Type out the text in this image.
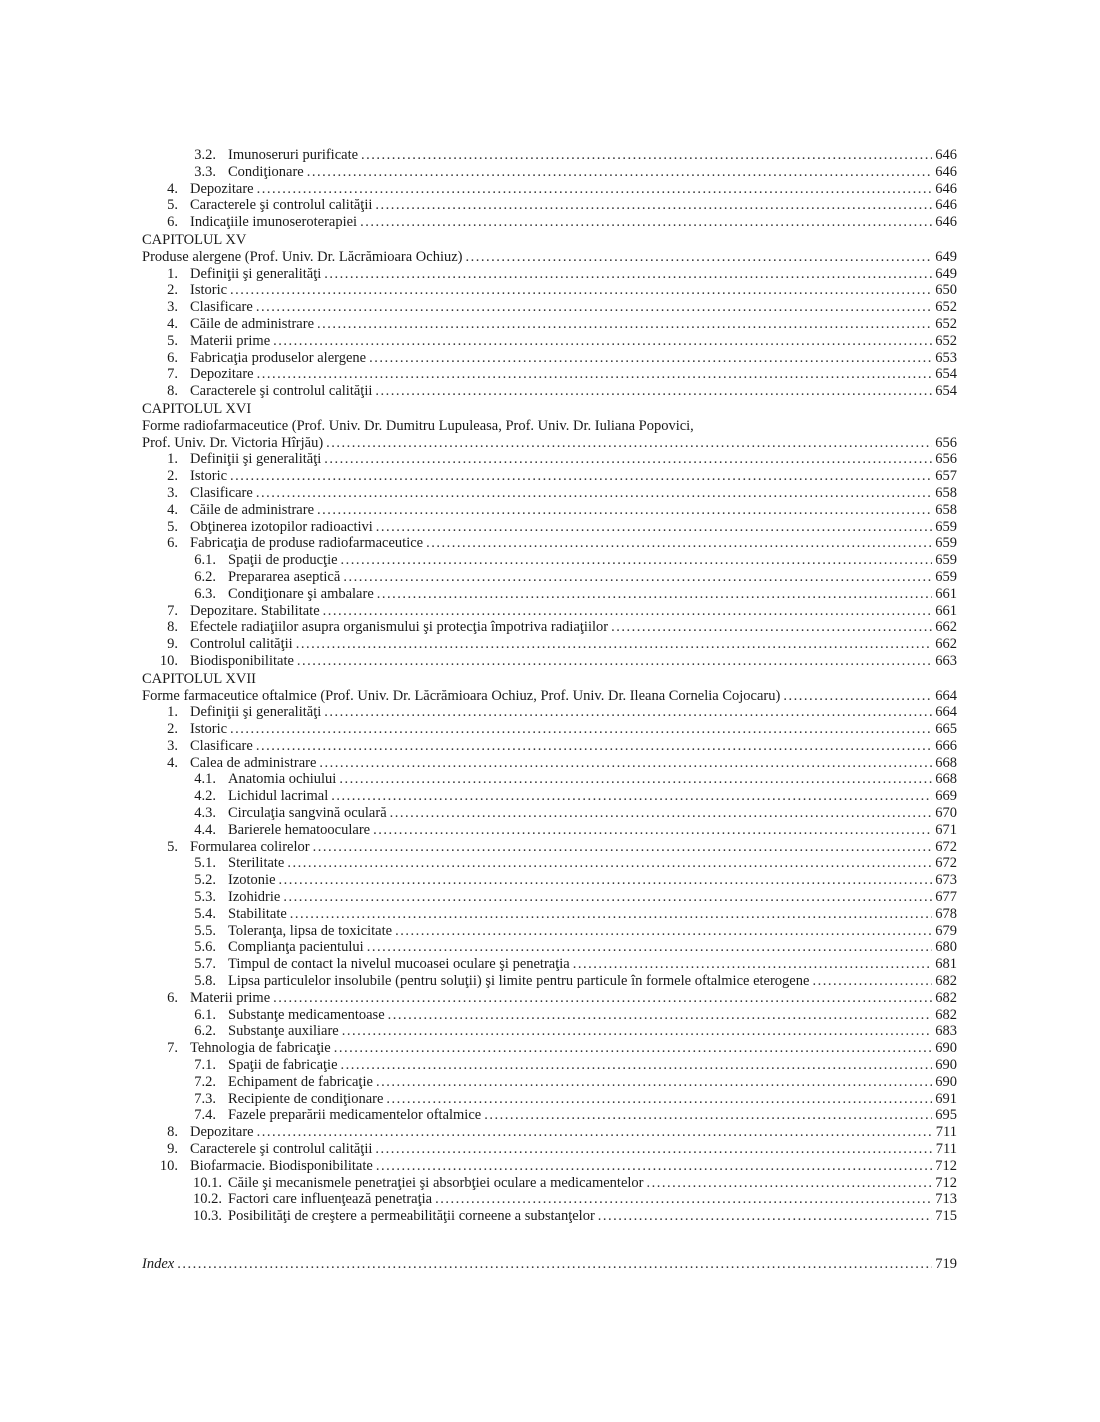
3.2. Imunoseruri purificate .....	646
3.3. Condiţionare .....	646
4. Depozitare .....	646
5. Caracterele şi controlul calităţii .....	646
6. Indicaţiile imunoseroterapiei .....	646
CAPITOLUL XV
Produse alergene (Prof. Univ. Dr. Lăcrămioara Ochiuz) .....	649
1. Definiţii şi generalităţi .....	649
2. Istoric .....	650
3. Clasificare .....	652
4. Căile de administrare .....	652
5. Materii prime .....	652
6. Fabricaţia produselor alergene .....	653
7. Depozitare .....	654
8. Caracterele şi controlul calităţii .....	654
CAPITOLUL XVI
Forme radiofarmaceutice (Prof. Univ. Dr. Dumitru Lupuleasa, Prof. Univ. Dr. Iuliana Popovici,
Prof. Univ. Dr. Victoria Hîrjău) .....	656
1. Definiţii şi generalităţi .....	656
2. Istoric .....	657
3. Clasificare .....	658
4. Căile de administrare .....	658
5. Obţinerea izotopilor radioactivi .....	659
6. Fabricaţia de produse radiofarmaceutice .....	659
6.1. Spaţii de producţie .....	659
6.2. Prepararea aseptică .....	659
6.3. Condiţionare şi ambalare .....	661
7. Depozitare. Stabilitate .....	661
8. Efectele radiaţiilor asupra organismului şi protecţia împotriva radiaţiilor .....	662
9. Controlul calităţii .....	662
10. Biodisponibilitate .....	663
CAPITOLUL XVII
Forme farmaceutice oftalmice (Prof. Univ. Dr. Lăcrămioara Ochiuz, Prof. Univ. Dr. Ileana Cornelia Cojocaru) .....	664
1. Definiţii şi generalităţi .....	664
2. Istoric .....	665
3. Clasificare .....	666
4. Calea de administrare .....	668
4.1. Anatomia ochiului .....	668
4.2. Lichidul lacrimal .....	669
4.3. Circulaţia sangvină oculară .....	670
4.4. Barierele hematooculare .....	671
5. Formularea colirelor .....	672
5.1. Sterilitate .....	672
5.2. Izotonie .....	673
5.3. Izohidrie .....	677
5.4. Stabilitate .....	678
5.5. Toleranţa, lipsa de toxicitate .....	679
5.6. Complianţa pacientului .....	680
5.7. Timpul de contact la nivelul mucoasei oculare şi penetraţia .....	681
5.8. Lipsa particulelor insolubile (pentru soluţii) şi limite pentru particule în formele oftalmice eterogene .....	682
6. Materii prime .....	682
6.1. Substanţe medicamentoase .....	682
6.2. Substanţe auxiliare .....	683
7. Tehnologia de fabricaţie .....	690
7.1. Spaţii de fabricaţie .....	690
7.2. Echipament de fabricaţie .....	690
7.3. Recipiente de condiţionare .....	691
7.4. Fazele preparării medicamentelor oftalmice .....	695
8. Depozitare .....	711
9. Caracterele şi controlul calităţii .....	711
10. Biofarmacie. Biodisponibilitate .....	712
10.1. Căile şi mecanismele penetraţiei şi absorbţiei oculare a medicamentelor .....	712
10.2. Factori care influenţează penetraţia .....	713
10.3. Posibilităţi de creştere a permeabilităţii corneene a substanţelor .....	715
Index .....	719
